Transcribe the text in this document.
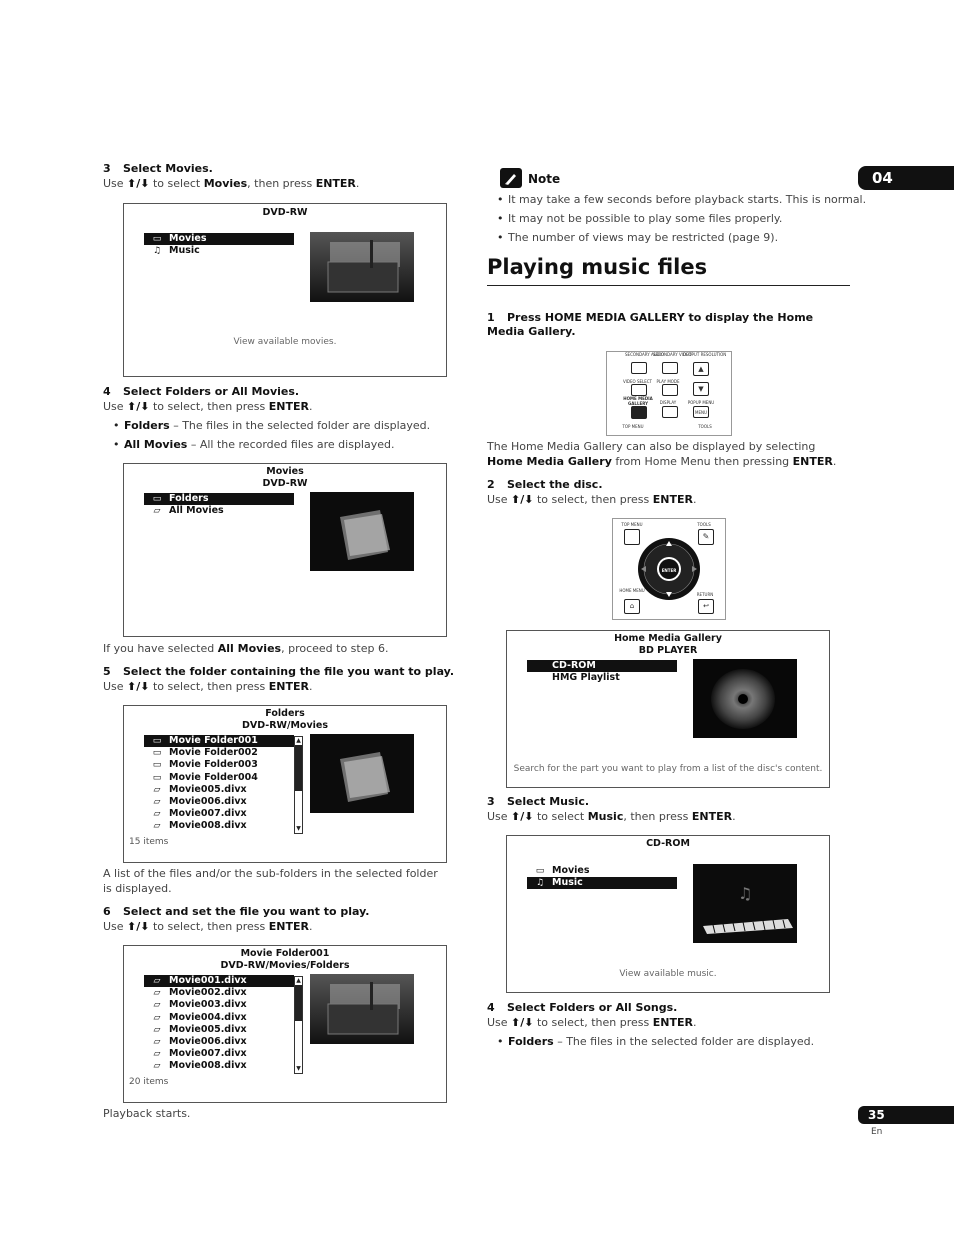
04
3 Select Movies.
Use ⬆/⬇ to select Movies, then press ENTER.
DVD-RW
▭ Movies
♫ Music
View available movies.
4 Select Folders or All Movies.
Use ⬆/⬇ to select, then press ENTER.
• Folders – The files in the selected folder are displayed.
• All Movies – All the recorded files are displayed.
Movies
DVD-RW
▭ Folders
▱ All Movies
If you have selected All Movies, proceed to step 6.
5 Select the folder containing the file you want to play.
Use ⬆/⬇ to select, then press ENTER.
Folders
DVD-RW/Movies
▭ Movie Folder001
▭ Movie Folder002
▭ Movie Folder003
▭ Movie Folder004
▱ Movie005.divx
▱ Movie006.divx
▱ Movie007.divx
▱ Movie008.divx
▲
▼
15 items
A list of the files and/or the sub-folders in the selected folder is displayed.
6 Select and set the file you want to play.
Use ⬆/⬇ to select, then press ENTER.
Movie Folder001
DVD-RW/Movies/Folders
▱ Movie001.divx
▱ Movie002.divx
▱ Movie003.divx
▱ Movie004.divx
▱ Movie005.divx
▱ Movie006.divx
▱ Movie007.divx
▱ Movie008.divx
▲
▼
20 items
Playback starts.
Note
• It may take a few seconds before playback starts. This is normal.
• It may not be possible to play some files properly.
• The number of views may be restricted (page 9).
Playing music files
1 Press HOME MEDIA GALLERY to display the Home Media Gallery.
SECONDARY AUDIO
SECONDARY VIDEO
OUTPUT RESOLUTION
▲
VIDEO SELECT	PLAY MODE
▼
HOME MEDIA GALLERY	DISPLAY	POPUP MENU
MENU
TOP MENU	TOOLS
The Home Media Gallery can also be displayed by selecting Home Media Gallery from Home Menu then pressing ENTER.
2 Select the disc.
Use ⬆/⬇ to select, then press ENTER.
TOP MENU	TOOLS
✎
ENTER
HOME MENU
RETURN
⌂	↩
Home Media Gallery
BD PLAYER
CD-ROM
HMG Playlist
Search for the part you want to play from a list of the disc's content.
3 Select Music.
Use ⬆/⬇ to select Music, then press ENTER.
CD-ROM
▭ Movies
♫ Music
♫
View available music.
4 Select Folders or All Songs.
Use ⬆/⬇ to select, then press ENTER.
• Folders – The files in the selected folder are displayed.
35
En
